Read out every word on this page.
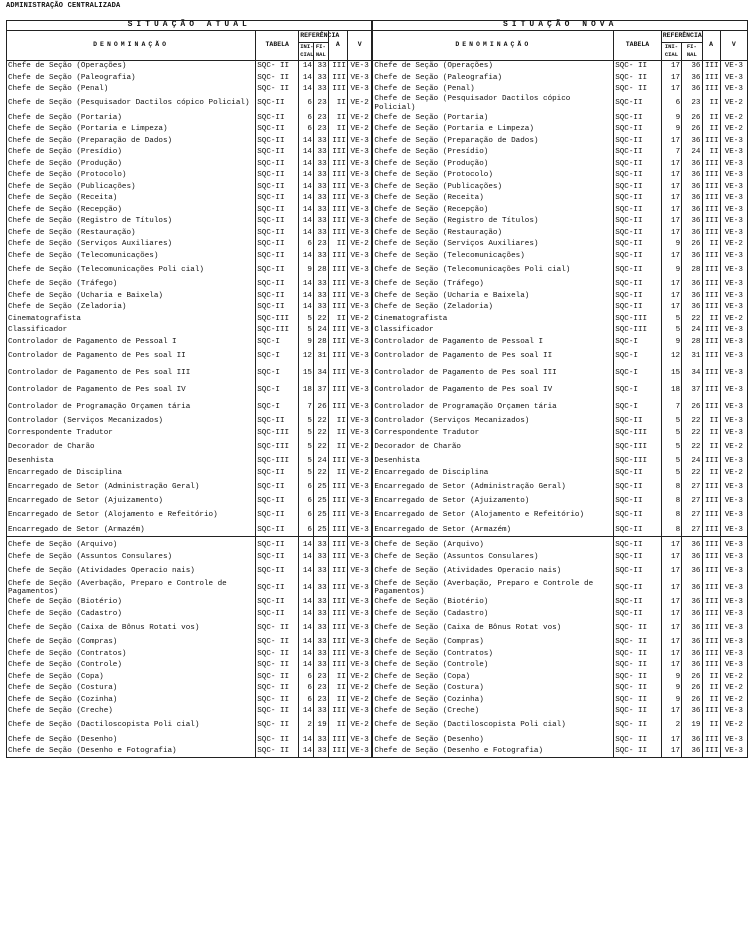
ADMINISTRAÇÃO CENTRALIZADA
SITUAÇÃO ATUAL						SITUAÇÃO NOVA					
DENOMINAÇÃO	TABELA	REFERÊNCIA		A	V	DENOMINAÇÃO	TABELA	REFERÊNCIA		A	V
		INI-CIAL	FI-NAL					INI-CIAL	FI-NAL		
Chefe de Seção (Operações)	SQC- II	14	33	III	VE-3	Chefe de Seção (Operações)	SQC- II	17	36	III	VE-3
Chefe de Seção (Paleografia)	SQC- II	14	33	III	VE-3	Chefe de Seção (Paleografia)	SQC- II	17	36	III	VE-3
Chefe de Seção (Penal)	SQC- II	14	33	III	VE-3	Chefe de Seção (Penal)	SQC- II	17	36	III	VE-3
Chefe de Seção (Pesquisador Dactilos cópico Policial)	SQC-II	6	23	II	VE-2	Chefe de Seção (Pesquisador Dactilos cópico Policial)	SQC-II	6	23	II	VE-2
Chefe de Seção (Portaria)	SQC-II	6	23	II	VE-2	Chefe de Seção (Portaria)	SQC-II	9	26	II	VE-2
Chefe de Seção (Portaria e Limpeza)	SQC-II	6	23	II	VE-2	Chefe de Seção (Portaria e Limpeza)	SQC-II	9	26	II	VE-2
Chefe de Seção (Preparação de Dados)	SQC-II	14	33	III	VE-3	Chefe de Seção (Preparação de Dados)	SQC-II	17	36	III	VE-3
Chefe de Seção (Presídio)	SQC-II	14	33	III	VE-3	Chefe de Seção (Presídio)	SQC-II	7	24	II	VE-3
Chefe de Seção (Produção)	SQC-II	14	33	III	VE-3	Chefe de Seção (Produção)	SQC-II	17	36	III	VE-3
Chefe de Seção (Protocolo)	SQC-II	14	33	III	VE-3	Chefe de Seção (Protocolo)	SQC-II	17	36	III	VE-3
Chefe de Seção (Publicações)	SQC-II	14	33	III	VE-3	Chefe de Seção (Publicações)	SQC-II	17	36	III	VE-3
Chefe de Seção (Receita)	SQC-II	14	33	III	VE-3	Chefe de Seção (Receita)	SQC-II	17	36	III	VE-3
Chefe de Seção (Recepção)	SQC-II	14	33	III	VE-3	Chefe de Seção (Recepção)	SQC-II	17	36	III	VE-3
Chefe de Seção (Registro de Títulos)	SQC-II	14	33	III	VE-3	Chefe de Seção (Registro de Títulos)	SQC-II	17	36	III	VE-3
Chefe de Seção (Restauração)	SQC-II	14	33	III	VE-3	Chefe de Seção (Restauração)	SQC-II	17	36	III	VE-3
Chefe de Seção (Serviços Auxiliares)	SQC-II	6	23	II	VE-2	Chefe de Seção (Serviços Auxiliares)	SQC-II	9	26	II	VE-2
Chefe de Seção (Telecomunicações)	SQC-II	14	33	III	VE-3	Chefe de Seção (Telecomunicações)	SQC-II	17	36	III	VE-3
Chefe de Seção (Telecomunicações Poli cial)	SQC-II	9	28	III	VE-3	Chefe de Seção (Telecomunicações Poli cial)	SQC-II	9	28	III	VE-3
Chefe de Seção (Tráfego)	SQC-II	14	33	III	VE-3	Chefe de Seção (Tráfego)	SQC-II	17	36	III	VE-3
Chefe de Seção (Ucharia e Baixela)	SQC-II	14	33	III	VE-3	Chefe de Seção (Ucharia e Baixela)	SQC-II	17	36	III	VE-3
Chefe de Seção (Zeladoria)	SQC-II	14	33	III	VE-3	Chefe de Seção (Zeladoria)	SQC-II	17	36	III	VE-3
Cinematografista	SQC-III	5	22	II	VE-2	Cinematografista	SQC-III	5	22	II	VE-2
Classificador	SQC-III	5	24	III	VE-3	Classificador	SQC-III	5	24	III	VE-3
Controlador de Pagamento de Pessoal I	SQC-I	9	28	III	VE-3	Controlador de Pagamento de Pessoal I	SQC-I	9	28	III	VE-3
Controlador de Pagamento de Pes soal II	SQC-I	12	31	III	VE-3	Controlador de Pagamento de Pes soal II	SQC-I	12	31	III	VE-3
Controlador de Pagamento de Pes soal III	SQC-I	15	34	III	VE-3	Controlador de Pagamento de Pes soal III	SQC-I	15	34	III	VE-3
Controlador de Pagamento de Pes soal IV	SQC-I	18	37	III	VE-3	Controlador de Pagamento de Pes soal IV	SQC-I	18	37	III	VE-3
Controlador de Programação Orçamen tária	SQC-I	7	26	III	VE-3	Controlador de Programação Orçamen tária	SQC-I	7	26	III	VE-3
Controlador (Serviços Mecanizados)	SQC-II	5	22	II	VE-3	Controlador (Serviços Mecanizados)	SQC-II	5	22	II	VE-3
Correspondente Tradutor	SQC-III	5	22	II	VE-3	Correspondente Tradutor	SQC-III	5	22	II	VE-3
Decorador de Charão	SQC-III	5	22	II	VE-2	Decorador de Charão	SQC-III	5	22	II	VE-2
Desenhista	SQC-III	5	24	III	VE-3	Desenhista	SQC-III	5	24	III	VE-3
Encarregado de Disciplina	SQC-II	5	22	II	VE-2	Encarregado de Disciplina	SQC-II	5	22	II	VE-2
Encarregado de Setor (Administração Geral)	SQC-II	6	25	III	VE-3	Encarregado de Setor (Administração Geral)	SQC-II	8	27	III	VE-3
Encarregado de Setor (Ajuizamento)	SQC-II	6	25	III	VE-3	Encarregado de Setor (Ajuizamento)	SQC-II	8	27	III	VE-3
Encarregado de Setor (Alojamento e Refeitório)	SQC-II	6	25	III	VE-3	Encarregado de Setor (Alojamento e Refeitório)	SQC-II	8	27	III	VE-3
Encarregado de Setor (Armazém)	SQC-II	6	25	III	VE-3	Encarregado de Setor (Armazém)	SQC-II	8	27	III	VE-3

Chefe de Seção (Arquivo)	SQC-II	14	33	III	VE-3	Chefe de Seção (Arquivo)	SQC-II	17	36	III	VE-3
Chefe de Seção (Assuntos Consulares)	SQC-II	14	33	III	VE-3	Chefe de Seção (Assuntos Consulares)	SQC-II	17	36	III	VE-3
Chefe de Seção (Atividades Operacio nais)	SQC-II	14	33	III	VE-3	Chefe de Seção (Atividades Operacio nais)	SQC-II	17	36	III	VE-3
Chefe de Seção (Averbação, Preparo e Controle de Pagamentos)	SQC-II	14	33	III	VE-3	Chefe de Seção (Averbação, Preparo e Controle de Pagamentos)	SQC-II	17	36	III	VE-3
Chefe de Seção (Biotério)	SQC-II	14	33	III	VE-3	Chefe de Seção (Biotério)	SQC-II	17	36	III	VE-3
Chefe de Seção (Cadastro)	SQC-II	14	33	III	VE-3	Chefe de Seção (Cadastro)	SQC-II	17	36	III	VE-3
Chefe de Seção (Caixa de Bônus Rotati vos)	SQC- II	14	33	III	VE-3	Chefe de Seção (Caixa de Bônus Rotat vos)	SQC- II	17	36	III	VE-3
Chefe de Seção (Compras)	SQC- II	14	33	III	VE-3	Chefe de Seção (Compras)	SQC- II	17	36	III	VE-3
Chefe de Seção (Contratos)	SQC- II	14	33	III	VE-3	Chefe de Seção (Contratos)	SQC- II	17	36	III	VE-3
Chefe de Seção (Controle)	SQC- II	14	33	III	VE-3	Chefe de Seção (Controle)	SQC- II	17	36	III	VE-3
Chefe de Seção (Copa)	SQC- II	6	23	II	VE-2	Chefe de Seção (Copa)	SQC- II	9	26	II	VE-2
Chefe de Seção (Costura)	SQC- II	6	23	II	VE-2	Chefe de Seção (Costura)	SQC- II	9	26	II	VE-2
Chefe de Seção (Cozinha)	SQC- II	6	23	II	VE-2	Chefe de Seção (Cozinha)	SQC- II	9	26	II	VE-2
Chefe de Seção (Creche)	SQC- II	14	33	III	VE-3	Chefe de Seção (Creche)	SQC- II	17	36	III	VE-3
Chefe de Seção (Dactiloscopista Poli cial)	SQC- II	2	19	II	VE-2	Chefe de Seção (Dactiloscopista Poli cial)	SQC- II	2	19	II	VE-2
Chefe de Seção (Desenho)	SQC- II	14	33	III	VE-3	Chefe de Seção (Desenho)	SQC- II	17	36	III	VE-3
Chefe de Seção (Desenho e Fotografia)	SQC- II	14	33	III	VE-3	Chefe de Seção (Desenho e Fotografia)	SQC- II	17	36	III	VE-3
